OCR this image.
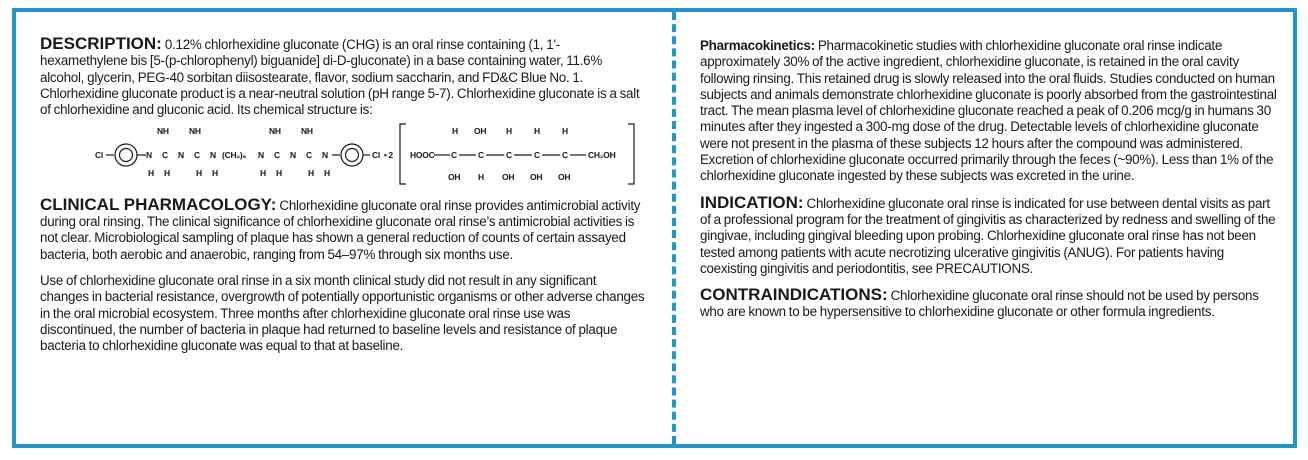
DESCRIPTION: 0.12% chlorhexidine gluconate (CHG) is an oral rinse containing (1, 1'-hexamethylene bis [5-(p-chlorophenyl) biguanide] di-D-gluconate) in a base containing water, 11.6% alcohol, glycerin, PEG-40 sorbitan diisostearate, flavor, sodium saccharin, and FD&C Blue No. 1. Chlorhexidine gluconate product is a near-neutral solution (pH range 5-7). Chlorhexidine gluconate is a salt of chlorhexidine and gluconic acid. Its chemical structure is:

Cl	N
H
C
NH
H
N C
NH
H
N
H
(CH₂)₆ N
H
C
NH
H
N C
NH
H
N
H
Cl • 2 HOOC C
H
OH
C
OH
H
C
H
OH
C
H
OH
C
H
OH
CH₂OH

CLINICAL PHARMACOLOGY: Chlorhexidine gluconate oral rinse provides antimicrobial activity during oral rinsing. The clinical significance of chlorhexidine gluconate oral rinse’s antimicrobial activities is not clear. Microbiological sampling of plaque has shown a general reduction of counts of certain assayed bacteria, both aerobic and anaerobic, ranging from 54–97% through six months use.

Use of chlorhexidine gluconate oral rinse in a six month clinical study did not result in any significant changes in bacterial resistance, overgrowth of potentially opportunistic organisms or other adverse changes in the oral microbial ecosystem. Three months after chlorhexidine gluconate oral rinse use was discontinued, the number of bacteria in plaque had returned to baseline levels and resistance of plaque bacteria to chlorhexidine gluconate was equal to that at baseline.

Pharmacokinetics: Pharmacokinetic studies with chlorhexidine gluconate oral rinse indicate approximately 30% of the active ingredient, chlorhexidine gluconate, is retained in the oral cavity following rinsing. This retained drug is slowly released into the oral fluids. Studies conducted on human subjects and animals demonstrate chlorhexidine gluconate is poorly absorbed from the gastrointestinal tract. The mean plasma level of chlorhexidine gluconate reached a peak of 0.206 mcg/g in humans 30 minutes after they ingested a 300-mg dose of the drug. Detectable levels of chlorhexidine gluconate were not present in the plasma of these subjects 12 hours after the compound was administered. Excretion of chlorhexidine gluconate occurred primarily through the feces (~90%). Less than 1% of the chlorhexidine gluconate ingested by these subjects was excreted in the urine.

INDICATION: Chlorhexidine gluconate oral rinse is indicated for use between dental visits as part of a professional program for the treatment of gingivitis as characterized by redness and swelling of the gingivae, including gingival bleeding upon probing. Chlorhexidine gluconate oral rinse has not been tested among patients with acute necrotizing ulcerative gingivitis (ANUG). For patients having coexisting gingivitis and periodontitis, see PRECAUTIONS.

CONTRAINDICATIONS: Chlorhexidine gluconate oral rinse should not be used by persons who are known to be hypersensitive to chlorhexidine gluconate or other formula ingredients.
